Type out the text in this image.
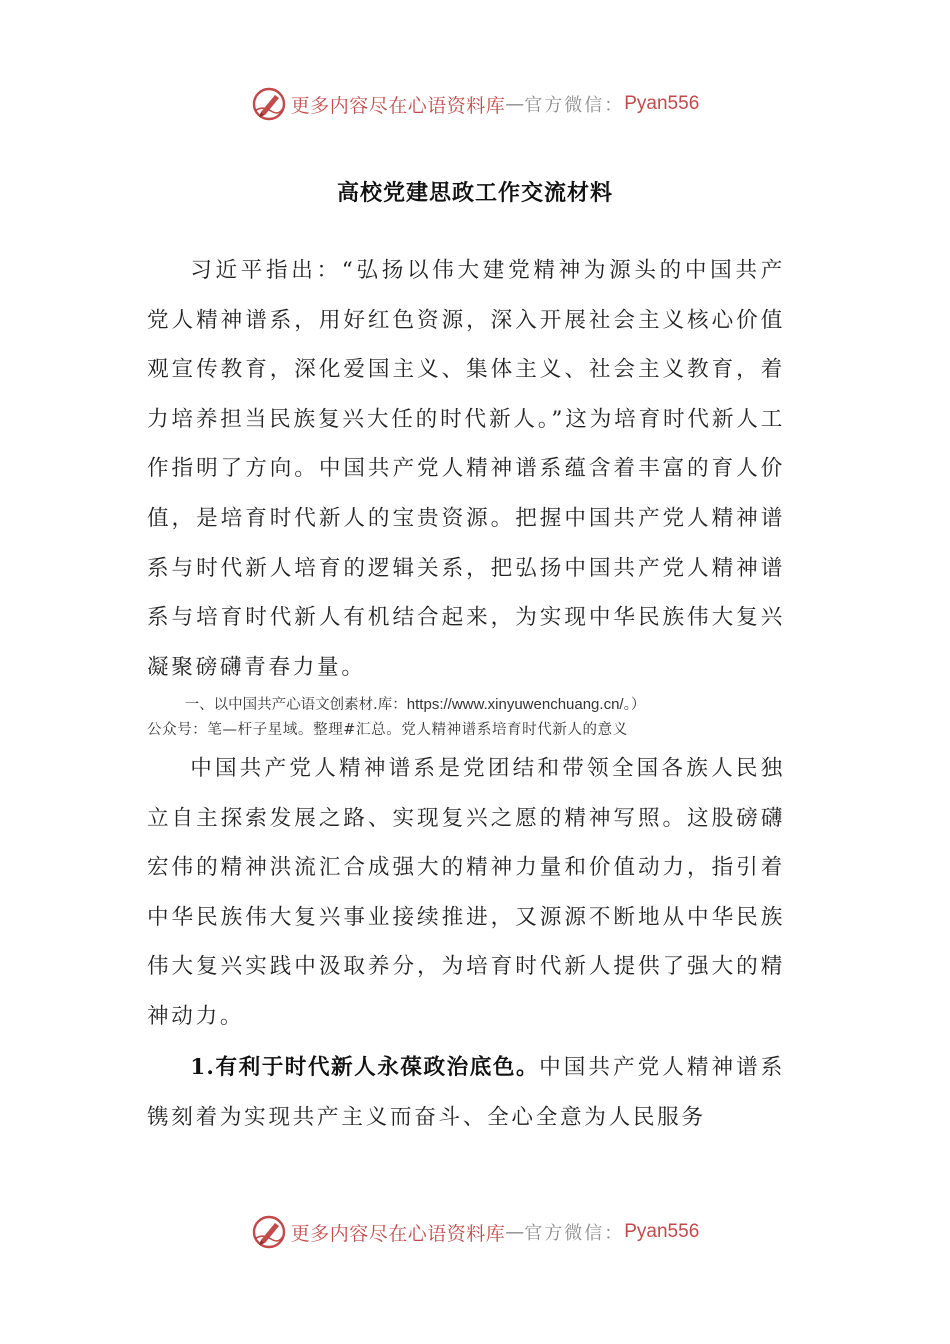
更多内容尽在心语资料库 — 官方微信： Pyan556
高校党建思政工作交流材料

习近平指出：“弘扬以伟大建党精神为源头的中国共产党人精神谱系，用好红色资源，深入开展社会主义核心价值观宣传教育，深化爱国主义、集体主义、社会主义教育，着力培养担当民族复兴大任的时代新人。”这为培育时代新人工作指明了方向。中国共产党人精神谱系蕴含着丰富的育人价值，是培育时代新人的宝贵资源。把握中国共产党人精神谱系与时代新人培育的逻辑关系，把弘扬中国共产党人精神谱系与培育时代新人有机结合起来，为实现中华民族伟大复兴凝聚磅礴青春力量。

一、以中国共产心语文创素材.库：https://www.xinyuwenchuang.cn/。）
公众号：笔—杆子星域。整理#汇总。党人精神谱系培育时代新人的意义

中国共产党人精神谱系是党团结和带领全国各族人民独立自主探索发展之路、实现复兴之愿的精神写照。这股磅礴宏伟的精神洪流汇合成强大的精神力量和价值动力，指引着中华民族伟大复兴事业接续推进，又源源不断地从中华民族伟大复兴实践中汲取养分，为培育时代新人提供了强大的精神动力。

1.有利于时代新人永葆政治底色。中国共产党人精神谱系镌刻着为实现共产主义而奋斗、全心全意为人民服务

更多内容尽在心语资料库 — 官方微信： Pyan556
